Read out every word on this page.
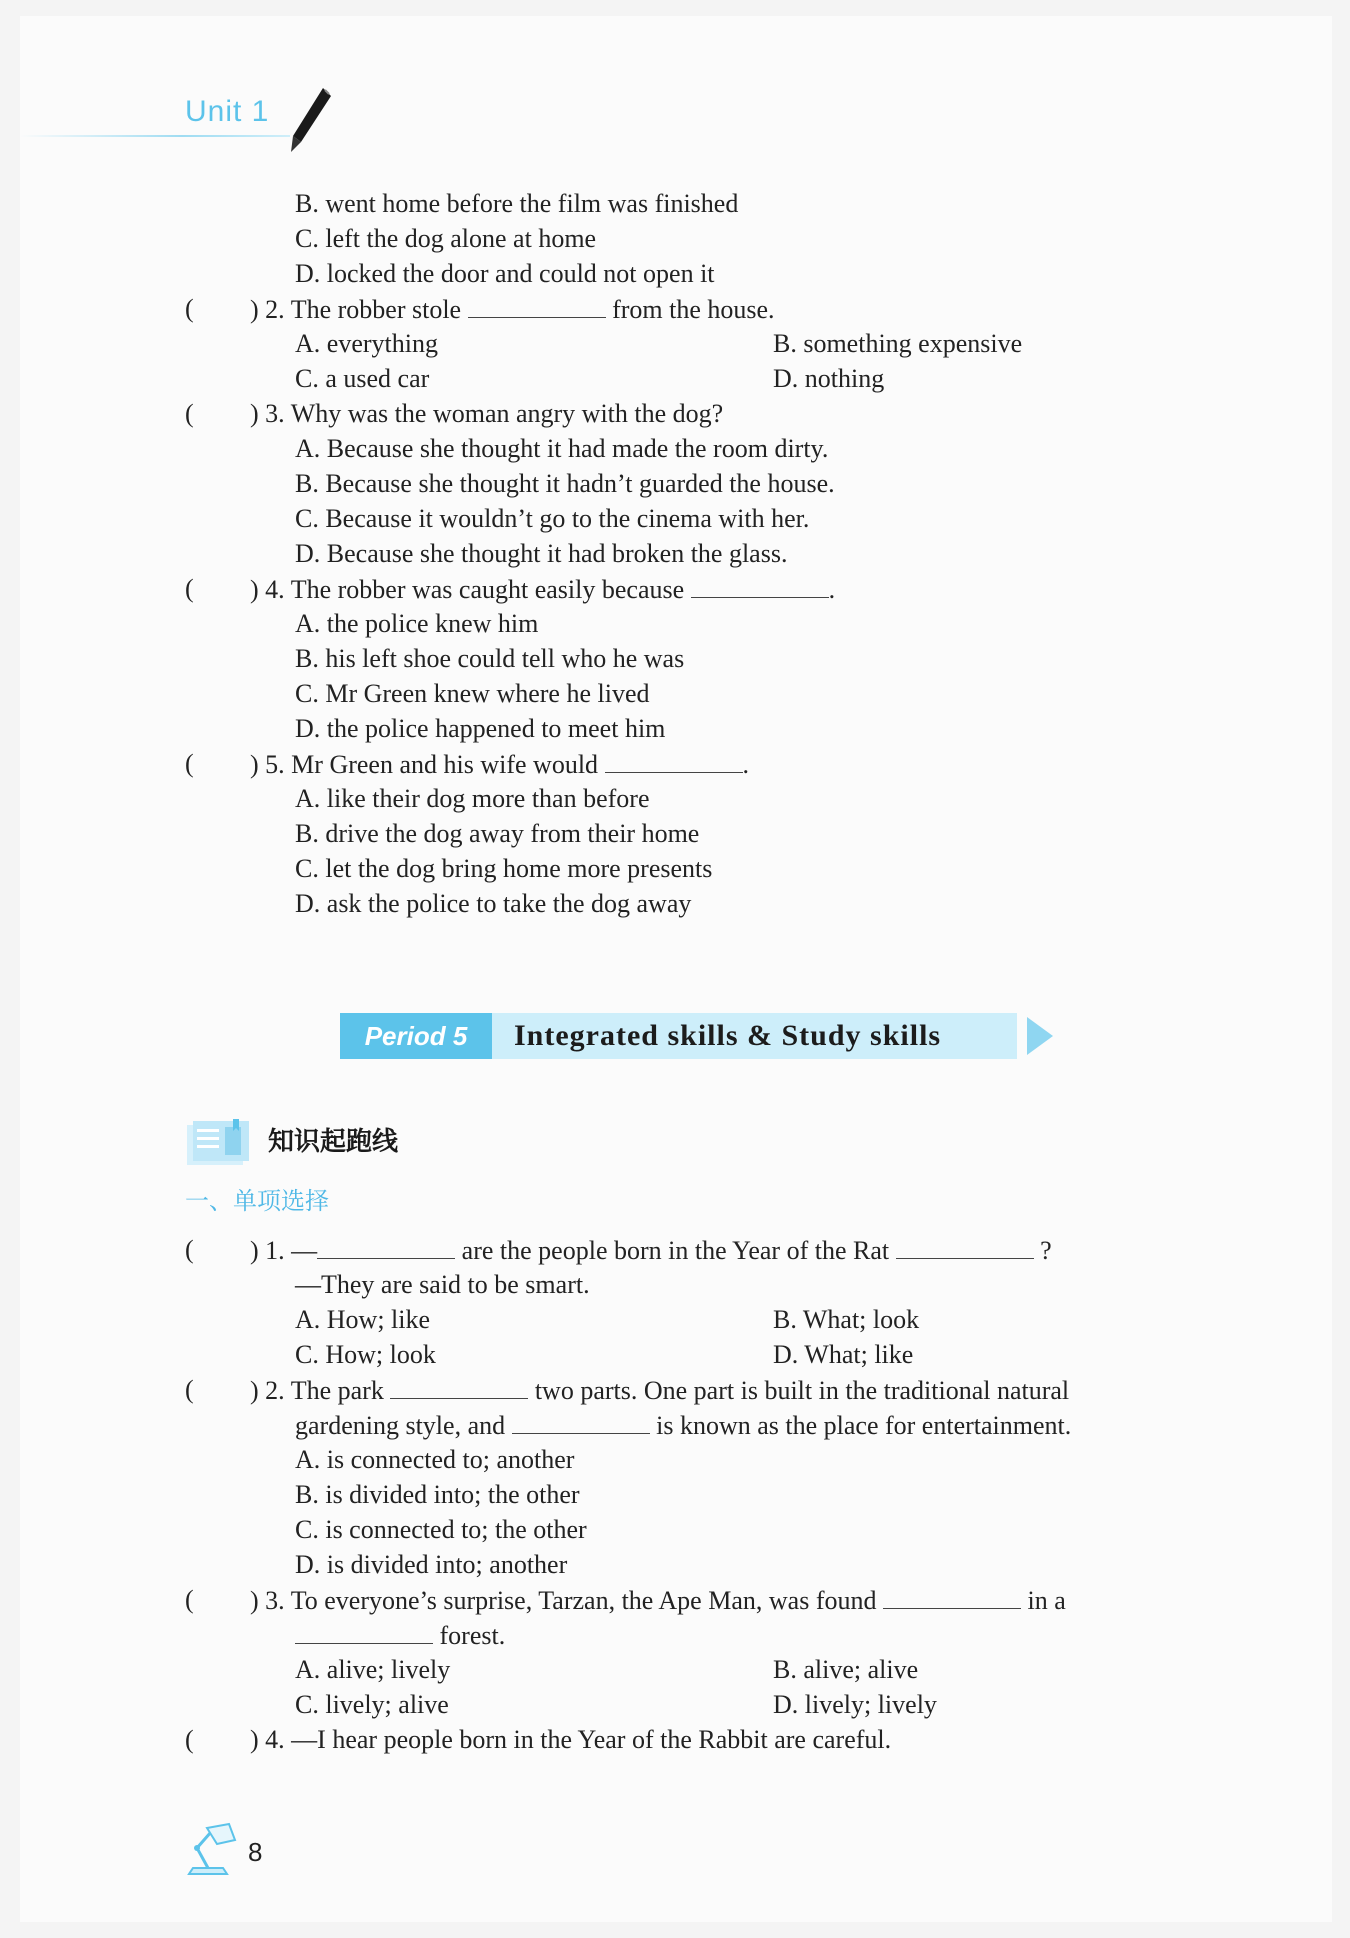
Unit 1
B. went home before the film was finished
C. left the dog alone at home
D. locked the door and could not open it
( ) 2. The robber stole	from the house.
A. everything	B. something expensive
C. a used car	D. nothing
( ) 3. Why was the woman angry with the dog?
A. Because she thought it had made the room dirty.
B. Because she thought it hadn’t guarded the house.
C. Because it wouldn’t go to the cinema with her.
D. Because she thought it had broken the glass.
( ) 4. The robber was caught easily because	.
A. the police knew him
B. his left shoe could tell who he was
C. Mr Green knew where he lived
D. the police happened to meet him
( ) 5. Mr Green and his wife would	.
A. like their dog more than before
B. drive the dog away from their home
C. let the dog bring home more presents
D. ask the police to take the dog away
Period 5	Integrated skills & Study skills
知识起跑线
一、单项选择
( ) 1. —	are the people born in the Year of the Rat	?
—They are said to be smart.
A. How; like	B. What; look
C. How; look	D. What; like
( ) 2. The park	two parts. One part is built in the traditional natural
gardening style, and	is known as the place for entertainment.
A. is connected to; another
B. is divided into; the other
C. is connected to; the other
D. is divided into; another
( ) 3. To everyone’s surprise, Tarzan, the Ape Man, was found	in a
forest.
A. alive; lively	B. alive; alive
C. lively; alive	D. lively; lively
( ) 4. —I hear people born in the Year of the Rabbit are careful.
8
